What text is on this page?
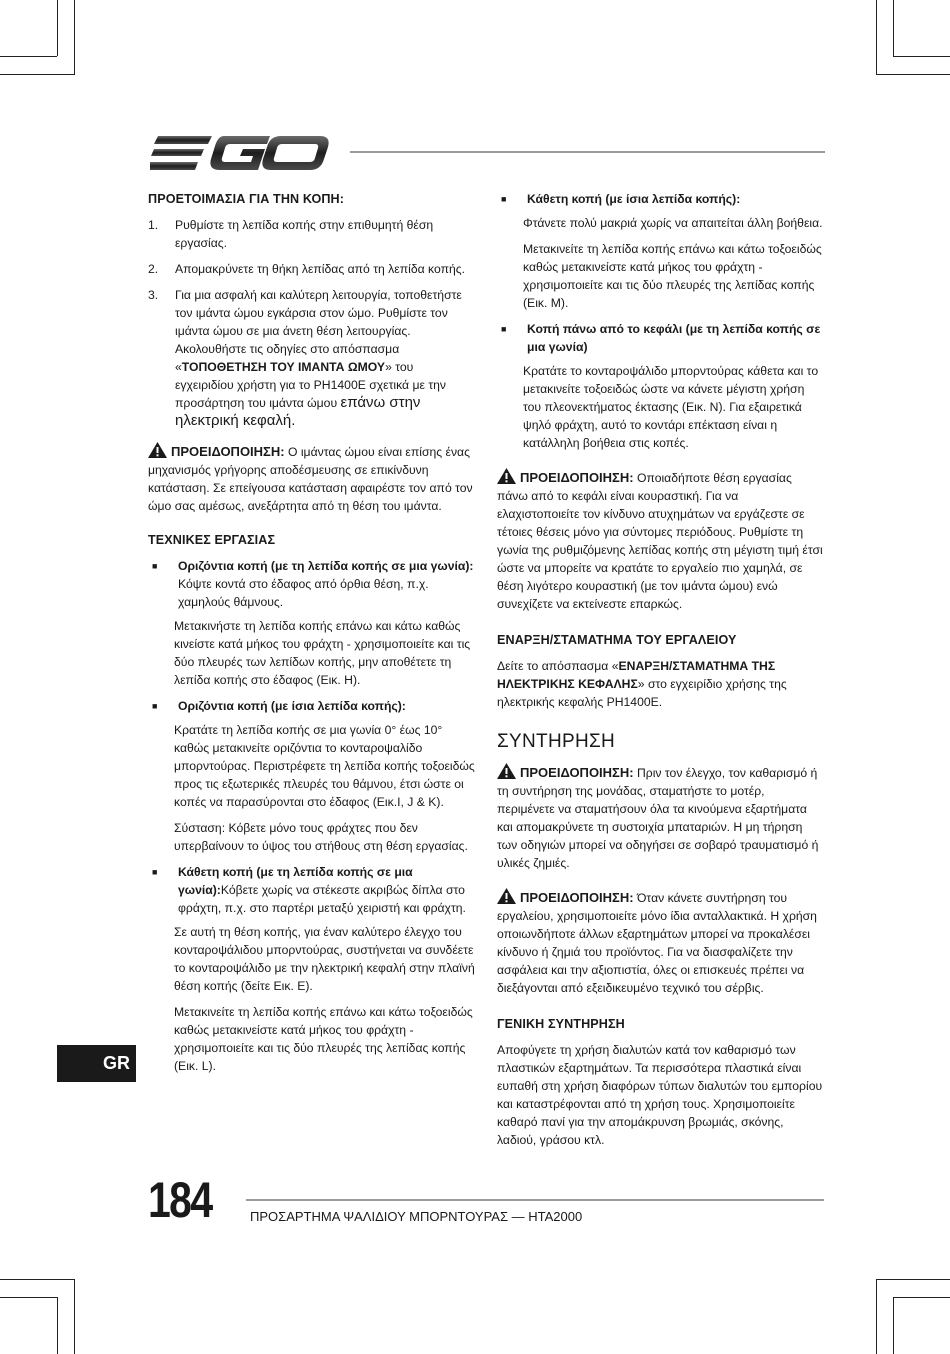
ΠΡΟΕΤΟΙΜΑΣΙΑ ΓΙΑ ΤΗΝ ΚΟΠΗ:
1.	Ρυθμίστε τη λεπίδα κοπής στην επιθυμητή θέση εργασίας.
2.	Απομακρύνετε τη θήκη λεπίδας από τη λεπίδα κοπής.
3.	Για μια ασφαλή και καλύτερη λειτουργία, τοποθετήστε τον ιμάντα ώμου εγκάρσια στον ώμο. Ρυθμίστε τον ιμάντα ώμου σε μια άνετη θέση λειτουργίας. Ακολουθήστε τις οδηγίες στο απόσπασμα «ΤΟΠΟΘΕΤΗΣΗ ΤΟΥ ΙΜΑΝΤΑ ΩΜΟΥ» του εγχειριδίου χρήστη για το PH1400E σχετικά με την προσάρτηση του ιμάντα ώμου επάνω στην ηλεκτρική κεφαλή.

ΠΡΟΕΙΔΟΠΟΙΗΣΗ: Ο ιμάντας ώμου είναι επίσης ένας μηχανισμός γρήγορης αποδέσμευσης σε επικίνδυνη κατάσταση. Σε επείγουσα κατάσταση αφαιρέστε τον από τον ώμο σας αμέσως, ανεξάρτητα από τη θέση του ιμάντα.

ΤΕΧΝΙΚΕΣ ΕΡΓΑΣΙΑΣ
■	Οριζόντια κοπή (με τη λεπίδα κοπής σε μια γωνία): Κόψτε κοντά στο έδαφος από όρθια θέση, π.χ. χαμηλούς θάμνους.

Μετακινήστε τη λεπίδα κοπής επάνω και κάτω καθώς κινείστε κατά μήκος του φράχτη - χρησιμοποιείτε και τις δύο πλευρές των λεπίδων κοπής, μην αποθέτετε τη λεπίδα κοπής στο έδαφος (Εικ. H).

■	Οριζόντια κοπή (με ίσια λεπίδα κοπής):

Κρατάτε τη λεπίδα κοπής σε μια γωνία 0° έως 10° καθώς μετακινείτε οριζόντια το κονταροψαλίδο μπορντούρας. Περιστρέφετε τη λεπίδα κοπής τοξοειδώς προς τις εξωτερικές πλευρές του θάμνου, έτσι ώστε οι κοπές να παρασύρονται στο έδαφος (Εικ.I, J & K).

Σύσταση: Κόβετε μόνο τους φράχτες που δεν υπερβαίνουν το ύψος του στήθους στη θέση εργασίας.

■	Κάθετη κοπή (με τη λεπίδα κοπής σε μια γωνία):Κόβετε χωρίς να στέκεστε ακριβώς δίπλα στο φράχτη, π.χ. στο παρτέρι μεταξύ χειριστή και φράχτη.

Σε αυτή τη θέση κοπής, για έναν καλύτερο έλεγχο του κονταροψάλιδου μπορντούρας, συστήνεται να συνδέετε το κονταροψάλιδο με την ηλεκτρική κεφαλή στην πλαϊνή θέση κοπής (δείτε Εικ. Ε).

Μετακινείτε τη λεπίδα κοπής επάνω και κάτω τοξοειδώς καθώς μετακινείστε κατά μήκος του φράχτη - χρησιμοποιείτε και τις δύο πλευρές της λεπίδας κοπής (Εικ. L).

■	Κάθετη κοπή (με ίσια λεπίδα κοπής):

Φτάνετε πολύ μακριά χωρίς να απαιτείται άλλη βοήθεια.

Μετακινείτε τη λεπίδα κοπής επάνω και κάτω τοξοειδώς καθώς μετακινείστε κατά μήκος του φράχτη - χρησιμοποιείτε και τις δύο πλευρές της λεπίδας κοπής (Εικ. M).

■	Κοπή πάνω από το κεφάλι (με τη λεπίδα κοπής σε μια γωνία)

Κρατάτε το κονταροψάλιδο μπορντούρας κάθετα και το μετακινείτε τοξοειδώς ώστε να κάνετε μέγιστη χρήση του πλεονεκτήματος έκτασης (Εικ. N). Για εξαιρετικά ψηλό φράχτη, αυτό το κοντάρι επέκταση είναι η κατάλληλη βοήθεια στις κοπές.

ΠΡΟΕΙΔΟΠΟΙΗΣΗ: Οποιαδήποτε θέση εργασίας πάνω από το κεφάλι είναι κουραστική. Για να ελαχιστοποιείτε τον κίνδυνο ατυχημάτων να εργάζεστε σε τέτοιες θέσεις μόνο για σύντομες περιόδους. Ρυθμίστε τη γωνία της ρυθμιζόμενης λεπίδας κοπής στη μέγιστη τιμή έτσι ώστε να μπορείτε να κρατάτε το εργαλείο πιο χαμηλά, σε θέση λιγότερο κουραστική (με τον ιμάντα ώμου) ενώ συνεχίζετε να εκτείνεστε επαρκώς.

ΕΝΑΡΞΗ/ΣΤΑΜΑΤΗΜΑ ΤΟΥ ΕΡΓΑΛΕΙΟΥ

Δείτε το απόσπασμα «ΕΝΑΡΞΗ/ΣΤΑΜΑΤΗΜΑ ΤΗΣ ΗΛΕΚΤΡΙΚΗΣ ΚΕΦΑΛΗΣ» στο εγχειρίδιο χρήσης της ηλεκτρικής κεφαλής PH1400E.

ΣΥΝΤΗΡΗΣΗ

ΠΡΟΕΙΔΟΠΟΙΗΣΗ: Πριν τον έλεγχο, τον καθαρισμό ή τη συντήρηση της μονάδας, σταματήστε το μοτέρ, περιμένετε να σταματήσουν όλα τα κινούμενα εξαρτήματα και απομακρύνετε τη συστοιχία μπαταριών. Η μη τήρηση των οδηγιών μπορεί να οδηγήσει σε σοβαρό τραυματισμό ή υλικές ζημιές.

ΠΡΟΕΙΔΟΠΟΙΗΣΗ: Όταν κάνετε συντήρηση του εργαλείου, χρησιμοποιείτε μόνο ίδια ανταλλακτικά. Η χρήση οποιωνδήποτε άλλων εξαρτημάτων μπορεί να προκαλέσει κίνδυνο ή ζημιά του προϊόντος. Για να διασφαλίζετε την ασφάλεια και την αξιοπιστία, όλες οι επισκευές πρέπει να διεξάγονται από εξειδικευμένο τεχνικό του σέρβις.

ΓΕΝΙΚΗ ΣΥΝΤΗΡΗΣΗ

Αποφύγετε τη χρήση διαλυτών κατά τον καθαρισμό των πλαστικών εξαρτημάτων. Τα περισσότερα πλαστικά είναι ευπαθή στη χρήση διαφόρων τύπων διαλυτών του εμπορίου και καταστρέφονται από τη χρήση τους. Χρησιμοποιείτε καθαρό πανί για την απομάκρυνση βρωμιάς, σκόνης, λαδιού, γράσου κτλ.

GR
184	ΠΡΟΣΑΡΤΗΜΑ ΨΑΛΙΔΙΟΥ ΜΠΟΡΝΤΟΥΡΑΣ — HTA2000
